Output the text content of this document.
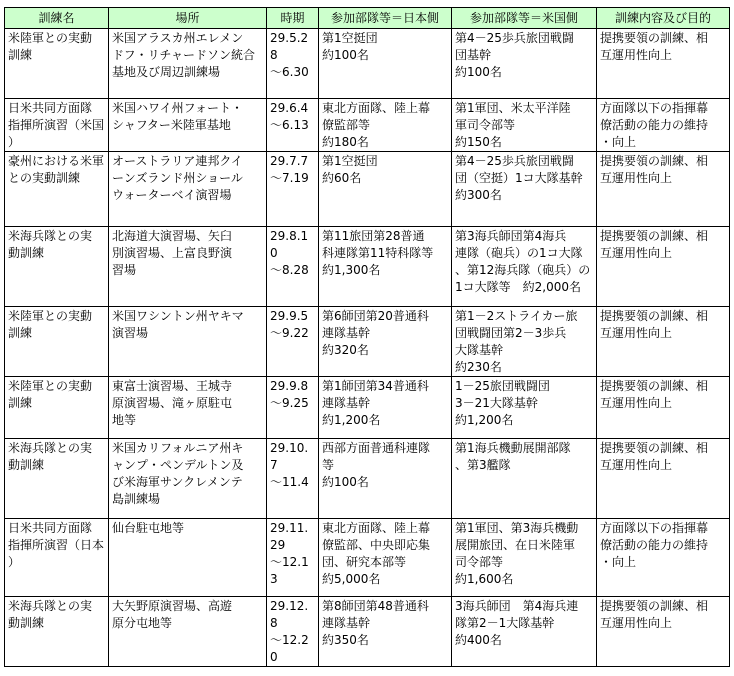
訓練名	場所	時期	参加部隊等＝日本側	参加部隊等＝米国側	訓練内容及び目的

米陸軍との実動
訓練	米国アラスカ州エレメン
ドフ・リチャードソン統合
基地及び周辺訓練場	29.5.28
～6.30	第1空挺団
約100名	第4－25歩兵旅団戦闘
団基幹
約100名	提携要領の訓練、相
互運用性向上

日米共同方面隊
指揮所演習（米国
）	米国ハワイ州フォート・
シャフター米陸軍基地	29.6.4
～6.13	東北方面隊、陸上幕
僚監部等
約180名	第1軍団、米太平洋陸
軍司令部等
約150名	方面隊以下の指揮幕
僚活動の能力の維持
・向上

豪州における米軍
との実動訓練	オーストラリア連邦クイ
ーンズランド州ショール
ウォーターベイ演習場	29.7.7
～7.19	第1空挺団
約60名	第4－25歩兵旅団戦闘
団（空挺）1コ大隊基幹
約300名	提携要領の訓練、相
互運用性向上

米海兵隊との実
動訓練	北海道大演習場、矢臼
別演習場、上富良野演
習場	29.8.10
～8.28	第11旅団第28普通
科連隊第11特科隊等
約1,300名	第3海兵師団第4海兵
連隊（砲兵）の1コ大隊
、第12海兵隊（砲兵）の
1コ大隊等　約2,000名	提携要領の訓練、相
互運用性向上

米陸軍との実動
訓練	米国ワシントン州ヤキマ
演習場	29.9.5
～9.22	第6師団第20普通科
連隊基幹
約320名	第1－2ストライカー旅
団戦闘団第2－3歩兵
大隊基幹
約230名	提携要領の訓練、相
互運用性向上

米陸軍との実動
訓練	東富士演習場、王城寺
原演習場、滝ヶ原駐屯
地等	29.9.8
～9.25	第1師団第34普通科
連隊基幹
約1,200名	1－25旅団戦闘団
3－21大隊基幹
約1,200名	提携要領の訓練、相
互運用性向上

米海兵隊との実
動訓練	米国カリフォルニア州キ
ャンプ・ペンデルトン及
び米海軍サンクレメンテ
島訓練場	29.10.7
～11.4	西部方面普通科連隊
等
約100名	第1海兵機動展開部隊
、第3艦隊	提携要領の訓練、相
互運用性向上

日米共同方面隊
指揮所演習（日本
）	仙台駐屯地等	29.11.29
～12.13	東北方面隊、陸上幕
僚監部、中央即応集
団、研究本部等
約5,000名	第1軍団、第3海兵機動
展開旅団、在日米陸軍
司令部等
約1,600名	方面隊以下の指揮幕
僚活動の能力の維持
・向上

米海兵隊との実
動訓練	大矢野原演習場、高遊
原分屯地等	29.12.8
～12.20	第8師団第48普通科
連隊基幹
約350名	3海兵師団　第4海兵連
隊第2－1大隊基幹
約400名	提携要領の訓練、相
互運用性向上
